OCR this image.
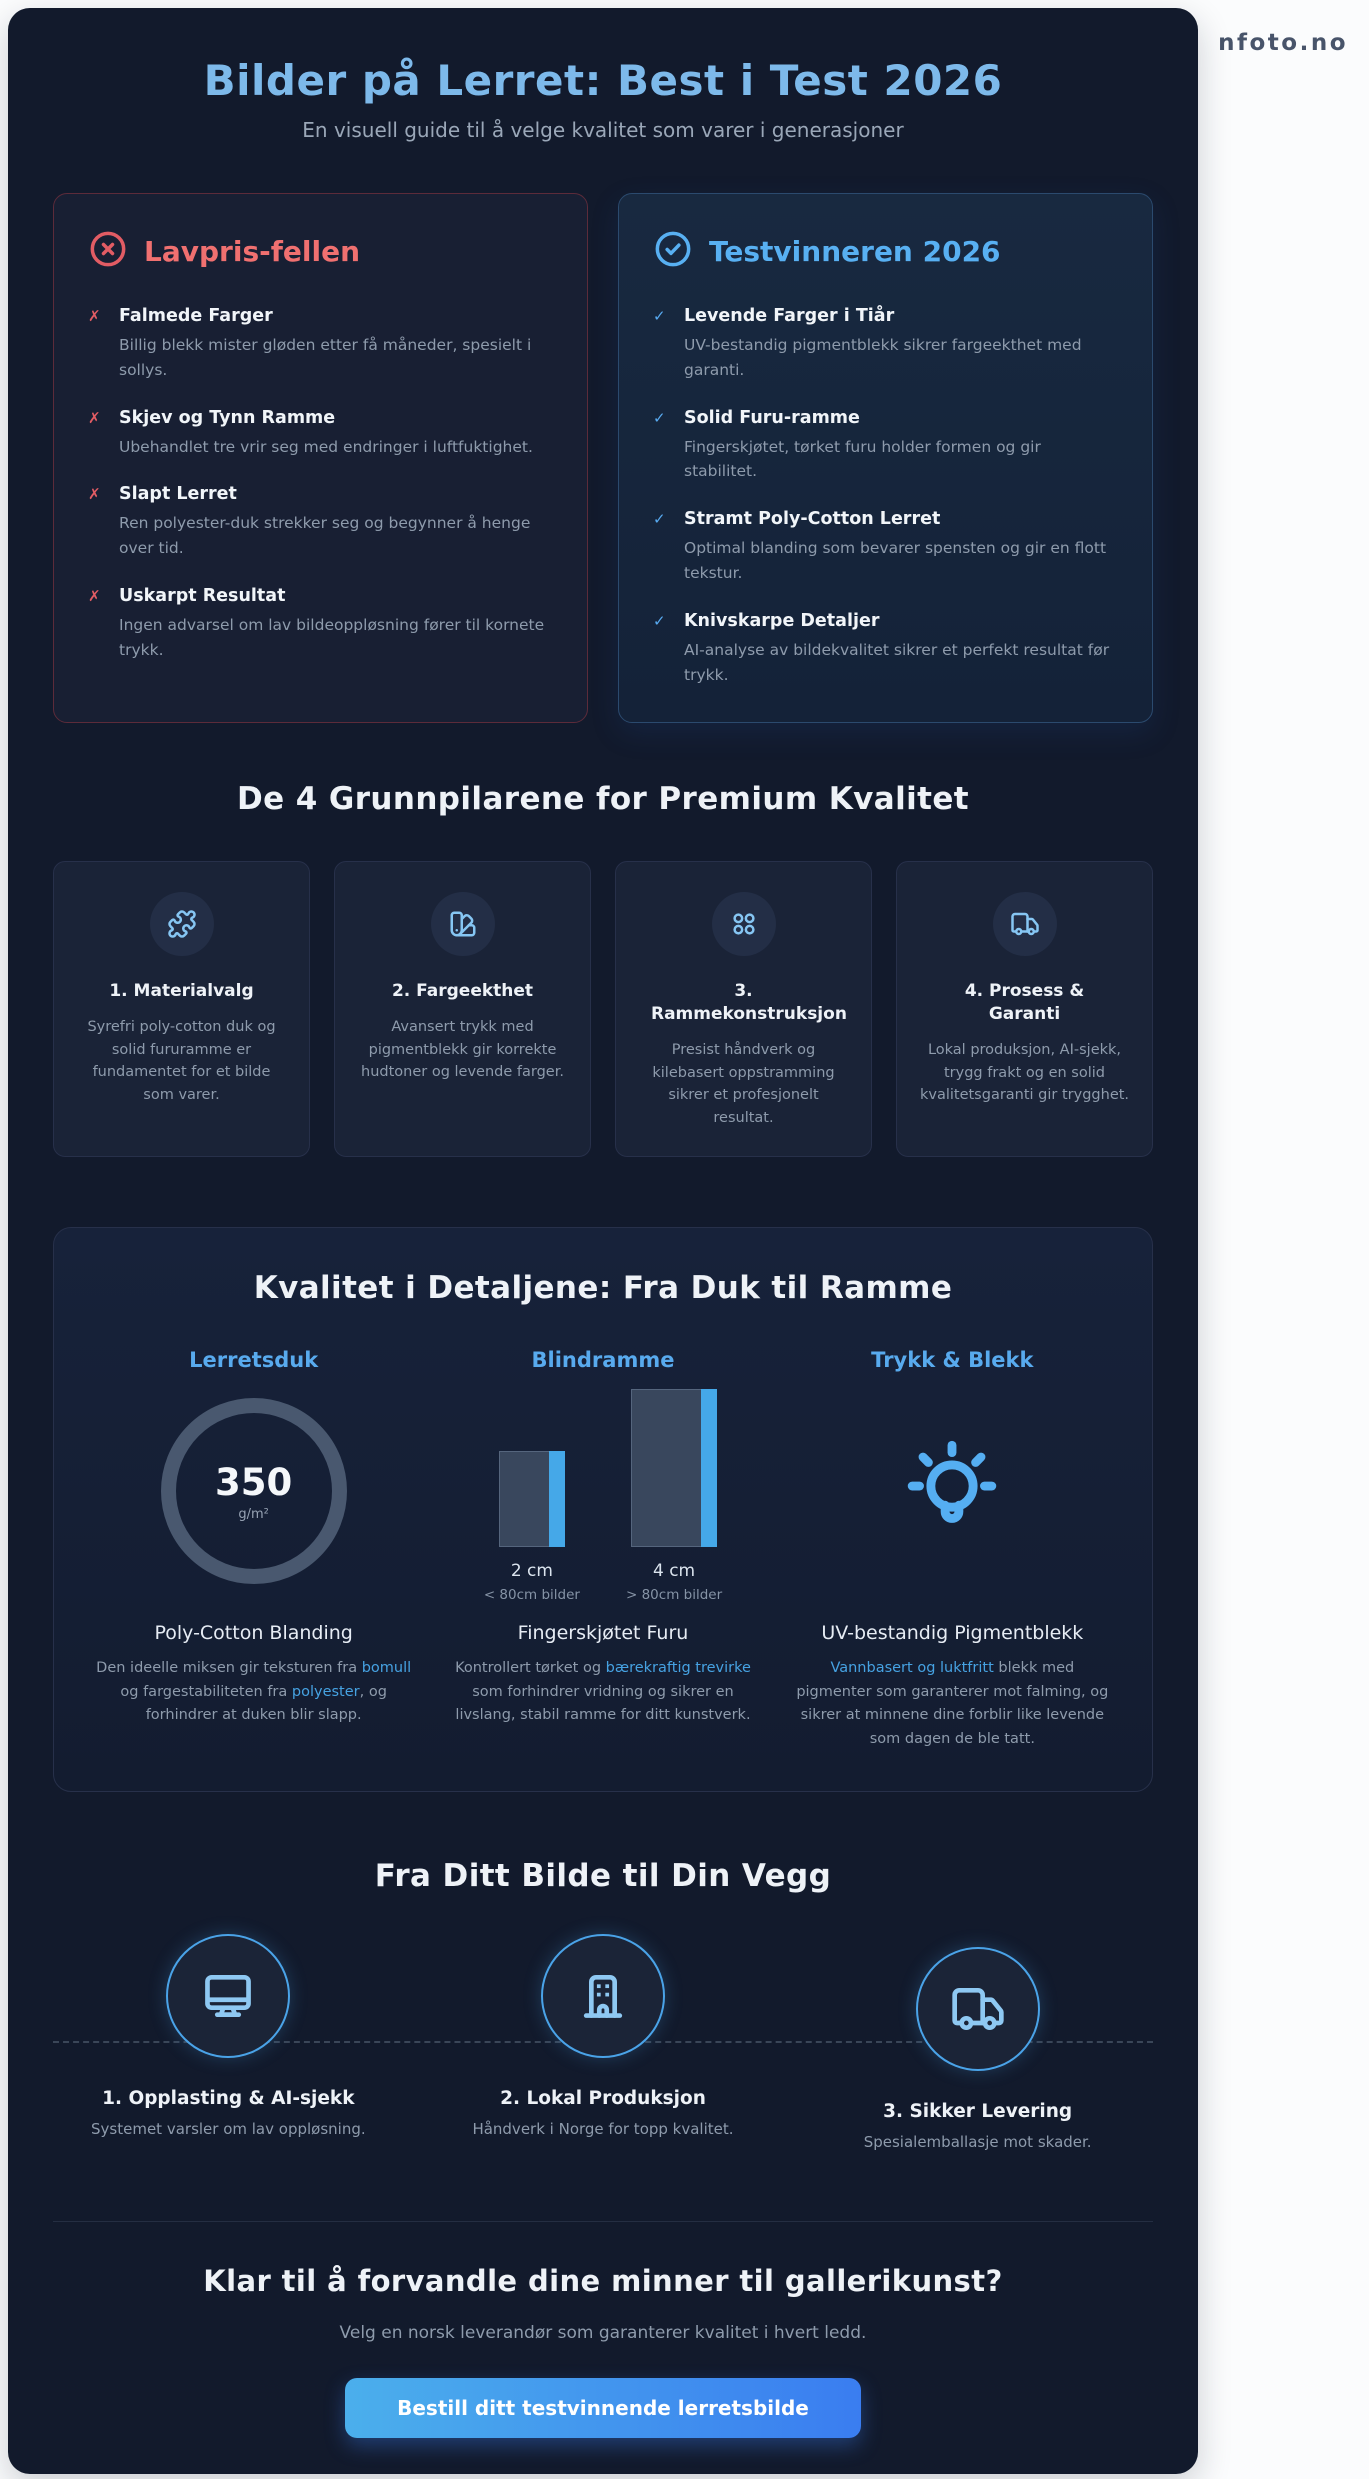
nfoto.no
Bilder på Lerret: Best i Test 2026
En visuell guide til å velge kvalitet som varer i generasjoner
Lavpris-fellen
✗	Falmede Farger
Billig blekk mister gløden etter få måneder, spesielt i sollys.
✗	Skjev og Tynn Ramme
Ubehandlet tre vrir seg med endringer i luftfuktighet.
✗	Slapt Lerret
Ren polyester-duk strekker seg og begynner å henge over tid.
✗	Uskarpt Resultat
Ingen advarsel om lav bildeoppløsning fører til kornete trykk.
Testvinneren 2026
✓	Levende Farger i Tiår
UV-bestandig pigmentblekk sikrer fargeekthet med garanti.
✓	Solid Furu-ramme
Fingerskjøtet, tørket furu holder formen og gir stabilitet.
✓	Stramt Poly-Cotton Lerret
Optimal blanding som bevarer spensten og gir en flott tekstur.
✓	Knivskarpe Detaljer
AI-analyse av bildekvalitet sikrer et perfekt resultat før trykk.
De 4 Grunnpilarene for Premium Kvalitet
1. Materialvalg
Syrefri poly-cotton duk og solid fururamme er fundamentet for et bilde som varer.
2. Fargeekthet
Avansert trykk med pigmentblekk gir korrekte hudtoner og levende farger.
3. Rammekonstruksjon
Presist håndverk og kilebasert oppstramming sikrer et profesjonelt resultat.
4. Prosess & Garanti
Lokal produksjon, AI-sjekk, trygg frakt og en solid kvalitetsgaranti gir trygghet.
Kvalitet i Detaljene: Fra Duk til Ramme
Lerretsduk
350
g/m²
Poly-Cotton Blanding

Den ideelle miksen gir teksturen fra bomull og fargestabiliteten fra polyester, og forhindrer at duken blir slapp.

Blindramme
2 cm
< 80cm bilder
4 cm
> 80cm bilder
Fingerskjøtet Furu

Kontrollert tørket og bærekraftig trevirke som forhindrer vridning og sikrer en livslang, stabil ramme for ditt kunstverk.

Trykk & Blekk
UV-bestandig Pigmentblekk

Vannbasert og luktfritt blekk med pigmenter som garanterer mot falming, og sikrer at minnene dine forblir like levende som dagen de ble tatt.

Fra Ditt Bilde til Din Vegg
1. Opplasting & AI-sjekk
Systemet varsler om lav oppløsning.
2. Lokal Produksjon
Håndverk i Norge for topp kvalitet.
3. Sikker Levering
Spesialemballasje mot skader.
Klar til å forvandle dine minner til gallerikunst?
Velg en norsk leverandør som garanterer kvalitet i hvert ledd.
Bestill ditt testvinnende lerretsbilde
